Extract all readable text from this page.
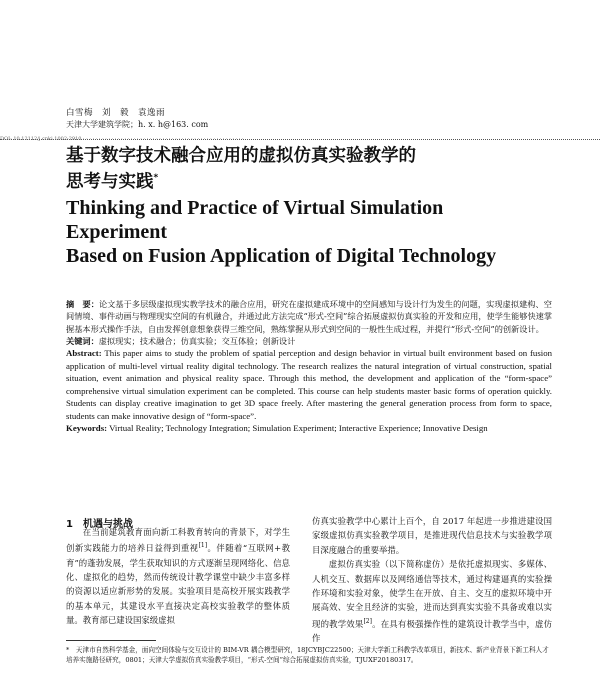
白雪梅　刘　毅　袁逸雨
天津大学建筑学院；h. x. h@163. com
DOI: 10.12112/j.cnki.1002-2910 · · · · · · · · · · · · · · · · · · · · · · · · · · · · · · · · · · · · · · · · · · · · · · · · · · ·
基于数字技术融合应用的虚拟仿真实验教学的
思考与实践*
Thinking and Practice of Virtual Simulation Experiment
Based on Fusion Application of Digital Technology

摘　要：论文基于多层级虚拟现实教学技术的融合应用，研究在虚拟建成环境中的空间感知与设计行为发生的问题，实现虚拟建构、空间情境、事件动画与物理现实空间的有机融合，并通过此方法完成“形式-空间”综合拓展虚拟仿真实验的开发和应用，使学生能够快速掌握基本形式操作手法，自由发挥创意想象获得三维空间，熟练掌握从形式到空间的一般性生成过程，并提行“形式-空间”的创新设计。

关键词：虚拟现实；技术融合；仿真实验；交互体验；创新设计

Abstract: This paper aims to study the problem of spatial perception and design behavior in virtual built environment based on fusion application of multi-level virtual reality digital technology. The research realizes the natural integration of virtual construction, spatial situation, event animation and physical reality space. Through this method, the development and application of the “form-space” comprehensive virtual simulation experiment can be completed. This course can help students master basic forms of operation quickly. Students can display creative imagination to get 3D space freely. After mastering the general generation process from form to space, students can make innovative design of “form-space”.

Keywords: Virtual Reality; Technology Integration; Simulation Experiment; Interactive Experience; Innovative Design

1　机遇与挑战

在当前建筑教育面向新工科教育转向的背景下，对学生创新实践能力的培养日益得到重视[1]。伴随着“互联网+教育”的蓬勃发展，学生获取知识的方式逐渐呈现网络化、信息化、虚拟化的趋势，然而传统设计教学课堂中缺少丰富多样的资源以适应新形势的发展。实验项目是高校开展实践教学的基本单元，其建设水平直接决定高校实验教学的整体质量。教育部已建设国家级虚拟

仿真实验教学中心累计上百个，自 2017 年起进一步推进建设国家级虚拟仿真实验教学项目，是推进现代信息技术与实验教学项目深度融合的重要举措。

虚拟仿真实验（以下简称虚仿）是依托虚拟现实、多媒体、人机交互、数据库以及网络通信等技术，通过构建逼真的实验操作环境和实验对象，使学生在开放、自主、交互的虚拟环境中开展高效、安全且经济的实验，进而达到真实实验不具备或难以实现的教学效果[2]。在具有极强操作性的建筑设计教学当中，虚仿作

*　天津市自然科学基金，面向空间体验与交互设计的 BIM-VR 耦合模型研究，18JCYBJC22500；天津大学新工科教学改革项目，新技术、新产业背景下新工科人才培养实施路径研究，0801；天津大学虚拟仿真实验教学项目，“形式-空间”综合拓展虚拟仿真实验，TJUXF20180317。
